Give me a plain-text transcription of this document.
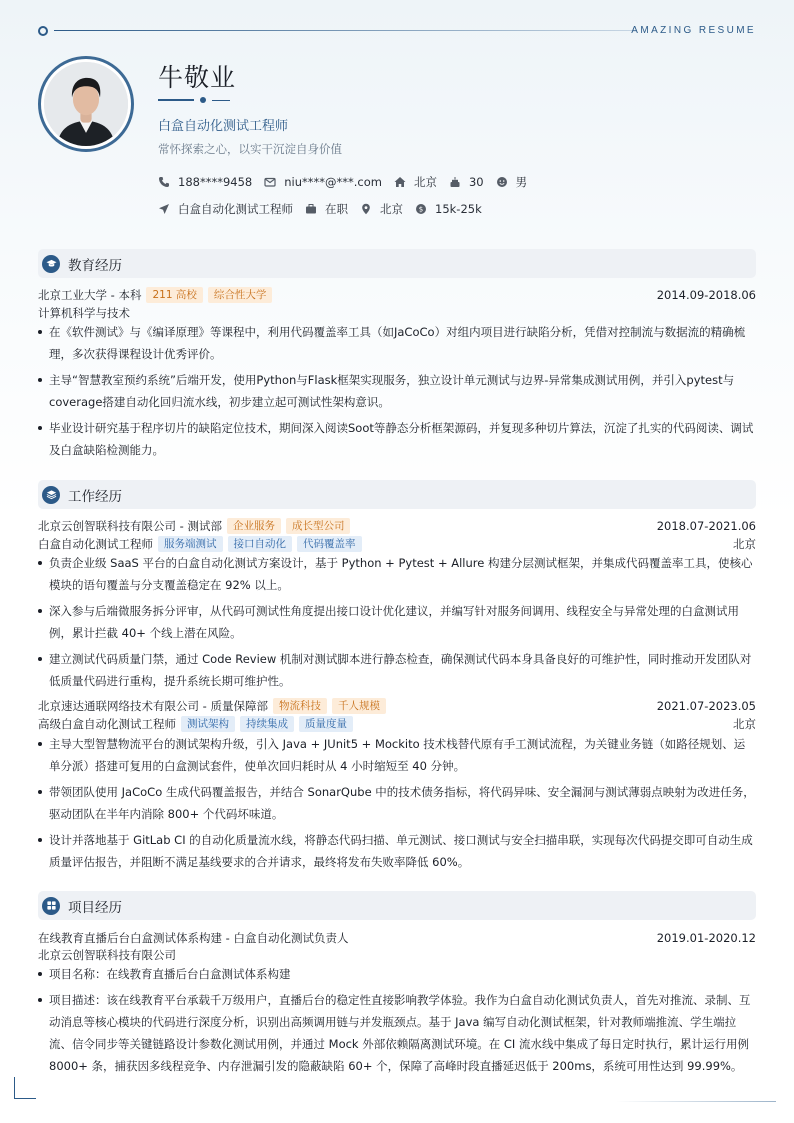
AMAZING RESUME
牛敬业
白盒自动化测试工程师
常怀探索之心，以实干沉淀自身价值
188****9458	niu****@***.com	北京	30	男
白盒自动化测试工程师	在职	北京 $ 15k-25k
教育经历
北京工业大学 - 本科	211 高校	综合性大学	2014.09-2018.06
计算机科学与技术
在《软件测试》与《编译原理》等课程中，利用代码覆盖率工具（如JaCoCo）对组内项目进行缺陷分析，凭借对控制流与数据流的精确梳理，多次获得课程设计优秀评价。
主导“智慧教室预约系统”后端开发，使用Python与Flask框架实现服务，独立设计单元测试与边界-异常集成测试用例，并引入pytest与coverage搭建自动化回归流水线，初步建立起可测试性架构意识。
毕业设计研究基于程序切片的缺陷定位技术，期间深入阅读Soot等静态分析框架源码，并复现多种切片算法，沉淀了扎实的代码阅读、调试及白盒缺陷检测能力。
工作经历
北京云创智联科技有限公司 - 测试部	企业服务	成长型公司	2018.07-2021.06
白盒自动化测试工程师	服务端测试	接口自动化	代码覆盖率	北京
负责企业级 SaaS 平台的白盒自动化测试方案设计，基于 Python + Pytest + Allure 构建分层测试框架，并集成代码覆盖率工具，使核心模块的语句覆盖与分支覆盖稳定在 92% 以上。
深入参与后端微服务拆分评审，从代码可测试性角度提出接口设计优化建议，并编写针对服务间调用、线程安全与异常处理的白盒测试用例，累计拦截 40+ 个线上潜在风险。
建立测试代码质量门禁，通过 Code Review 机制对测试脚本进行静态检查，确保测试代码本身具备良好的可维护性，同时推动开发团队对低质量代码进行重构，提升系统长期可维护性。
北京速达通联网络技术有限公司 - 质量保障部	物流科技	千人规模	2021.07-2023.05
高级白盒自动化测试工程师	测试架构	持续集成	质量度量	北京
主导大型智慧物流平台的测试架构升级，引入 Java + JUnit5 + Mockito 技术栈替代原有手工测试流程，为关键业务链（如路径规划、运单分派）搭建可复用的白盒测试套件，使单次回归耗时从 4 小时缩短至 40 分钟。
带领团队使用 JaCoCo 生成代码覆盖报告，并结合 SonarQube 中的技术债务指标，将代码异味、安全漏洞与测试薄弱点映射为改进任务，驱动团队在半年内消除 800+ 个代码坏味道。
设计并落地基于 GitLab CI 的自动化质量流水线，将静态代码扫描、单元测试、接口测试与安全扫描串联，实现每次代码提交即可自动生成质量评估报告，并阻断不满足基线要求的合并请求，最终将发布失败率降低 60%。
项目经历
在线教育直播后台白盒测试体系构建 - 白盒自动化测试负责人	2019.01-2020.12
北京云创智联科技有限公司
项目名称：在线教育直播后台白盒测试体系构建
项目描述：该在线教育平台承载千万级用户，直播后台的稳定性直接影响教学体验。我作为白盒自动化测试负责人，首先对推流、录制、互动消息等核心模块的代码进行深度分析，识别出高频调用链与并发瓶颈点。基于 Java 编写自动化测试框架，针对教师端推流、学生端拉流、信令同步等关键链路设计参数化测试用例，并通过 Mock 外部依赖隔离测试环境。在 CI 流水线中集成了每日定时执行，累计运行用例 8000+ 条，捕获因多线程竞争、内存泄漏引发的隐蔽缺陷 60+ 个，保障了高峰时段直播延迟低于 200ms，系统可用性达到 99.99%。
